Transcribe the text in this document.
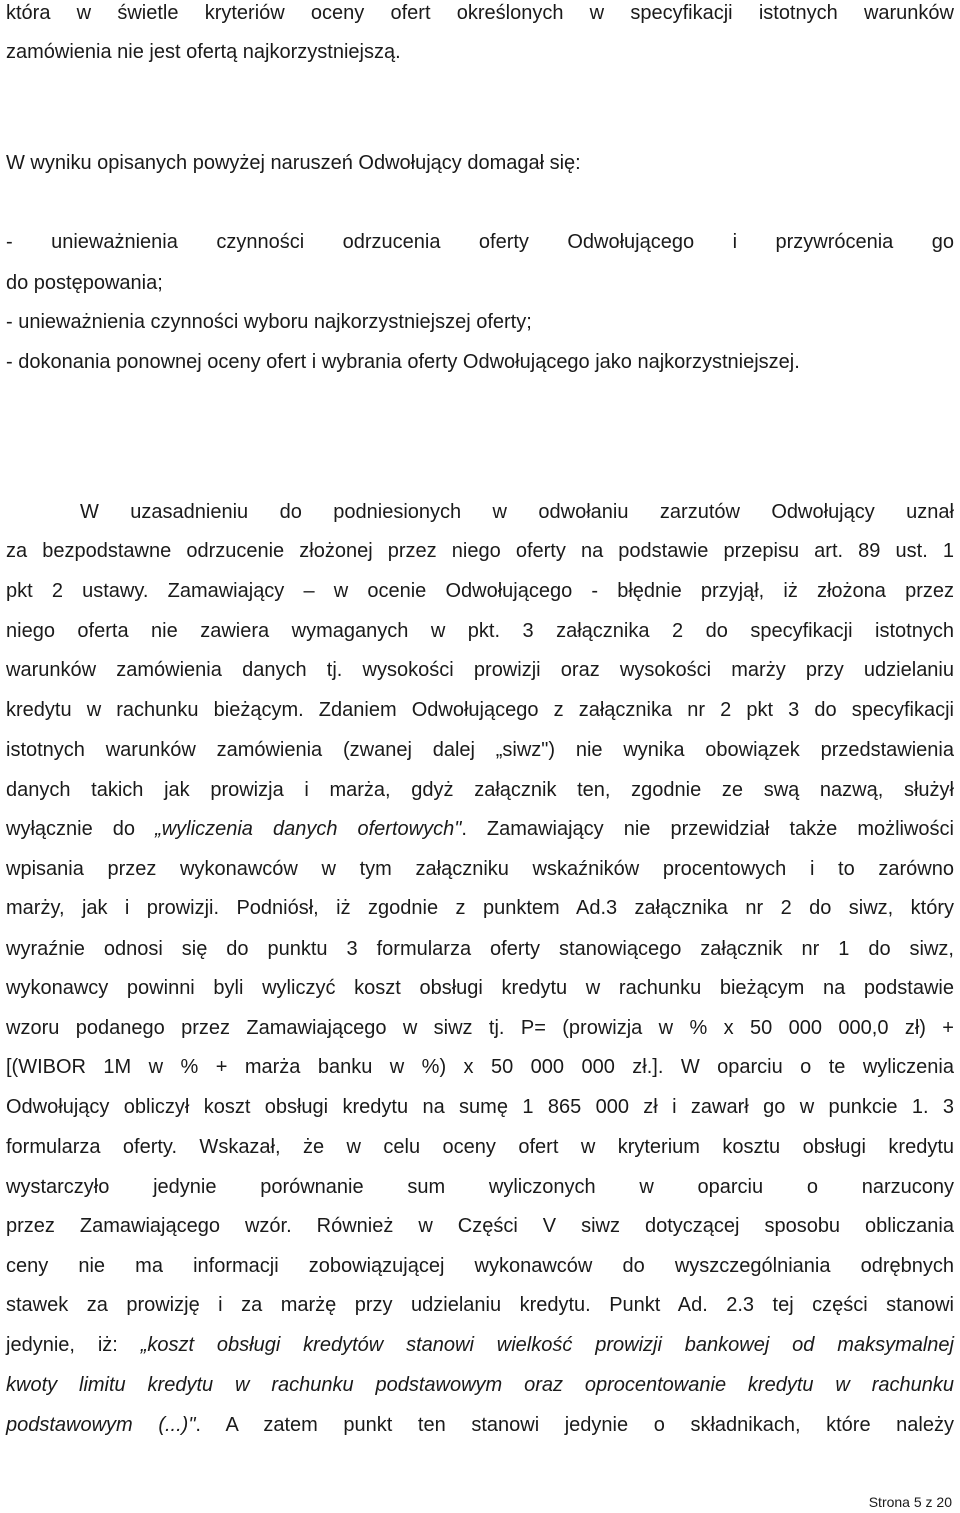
która w świetle kryteriów oceny ofert określonych w specyfikacji istotnych warunków
zamówienia nie jest ofertą najkorzystniejszą.
W wyniku opisanych powyżej naruszeń Odwołujący domagał się:
- unieważnienia czynności odrzucenia oferty Odwołującego i przywrócenia go
do postępowania;
- unieważnienia czynności wyboru najkorzystniejszej oferty;
- dokonania ponownej oceny ofert i wybrania oferty Odwołującego jako najkorzystniejszej.
W uzasadnieniu do podniesionych w odwołaniu zarzutów Odwołujący uznał
za bezpodstawne odrzucenie złożonej przez niego oferty na podstawie przepisu art. 89 ust. 1
pkt 2 ustawy. Zamawiający – w ocenie Odwołującego - błędnie przyjął, iż złożona przez
niego oferta nie zawiera wymaganych w pkt. 3 załącznika 2 do specyfikacji istotnych
warunków zamówienia danych tj. wysokości prowizji oraz wysokości marży przy udzielaniu
kredytu w rachunku bieżącym. Zdaniem Odwołującego z załącznika nr 2 pkt 3 do specyfikacji
istotnych warunków zamówienia (zwanej dalej „siwz") nie wynika obowiązek przedstawienia
danych takich jak prowizja i marża, gdyż załącznik ten, zgodnie ze swą nazwą, służył
wyłącznie do „wyliczenia danych ofertowych". Zamawiający nie przewidział także możliwości
wpisania przez wykonawców w tym załączniku wskaźników procentowych i to zarówno
marży, jak i prowizji. Podniósł, iż zgodnie z punktem Ad.3 załącznika nr 2 do siwz, który
wyraźnie odnosi się do punktu 3 formularza oferty stanowiącego załącznik nr 1 do siwz,
wykonawcy powinni byli wyliczyć koszt obsługi kredytu w rachunku bieżącym na podstawie
wzoru podanego przez Zamawiającego w siwz tj. P= (prowizja w % x 50 000 000,0 zł) +
[(WIBOR 1M w % + marża banku w %) x 50 000 000 zł.]. W oparciu o te wyliczenia
Odwołujący obliczył koszt obsługi kredytu na sumę 1 865 000 zł i zawarł go w punkcie 1. 3
formularza oferty. Wskazał, że w celu oceny ofert w kryterium kosztu obsługi kredytu
wystarczyło jedynie porównanie sum wyliczonych w oparciu o narzucony
przez Zamawiającego wzór. Również w Części V siwz dotyczącej sposobu obliczania
ceny nie ma informacji zobowiązującej wykonawców do wyszczególniania odrębnych
stawek za prowizję i za marżę przy udzielaniu kredytu. Punkt Ad. 2.3 tej części stanowi
jedynie, iż: „koszt obsługi kredytów stanowi wielkość prowizji bankowej od maksymalnej
kwoty limitu kredytu w rachunku podstawowym oraz oprocentowanie kredytu w rachunku
podstawowym (...)". A zatem punkt ten stanowi jedynie o składnikach, które należy
Strona 5 z 20
